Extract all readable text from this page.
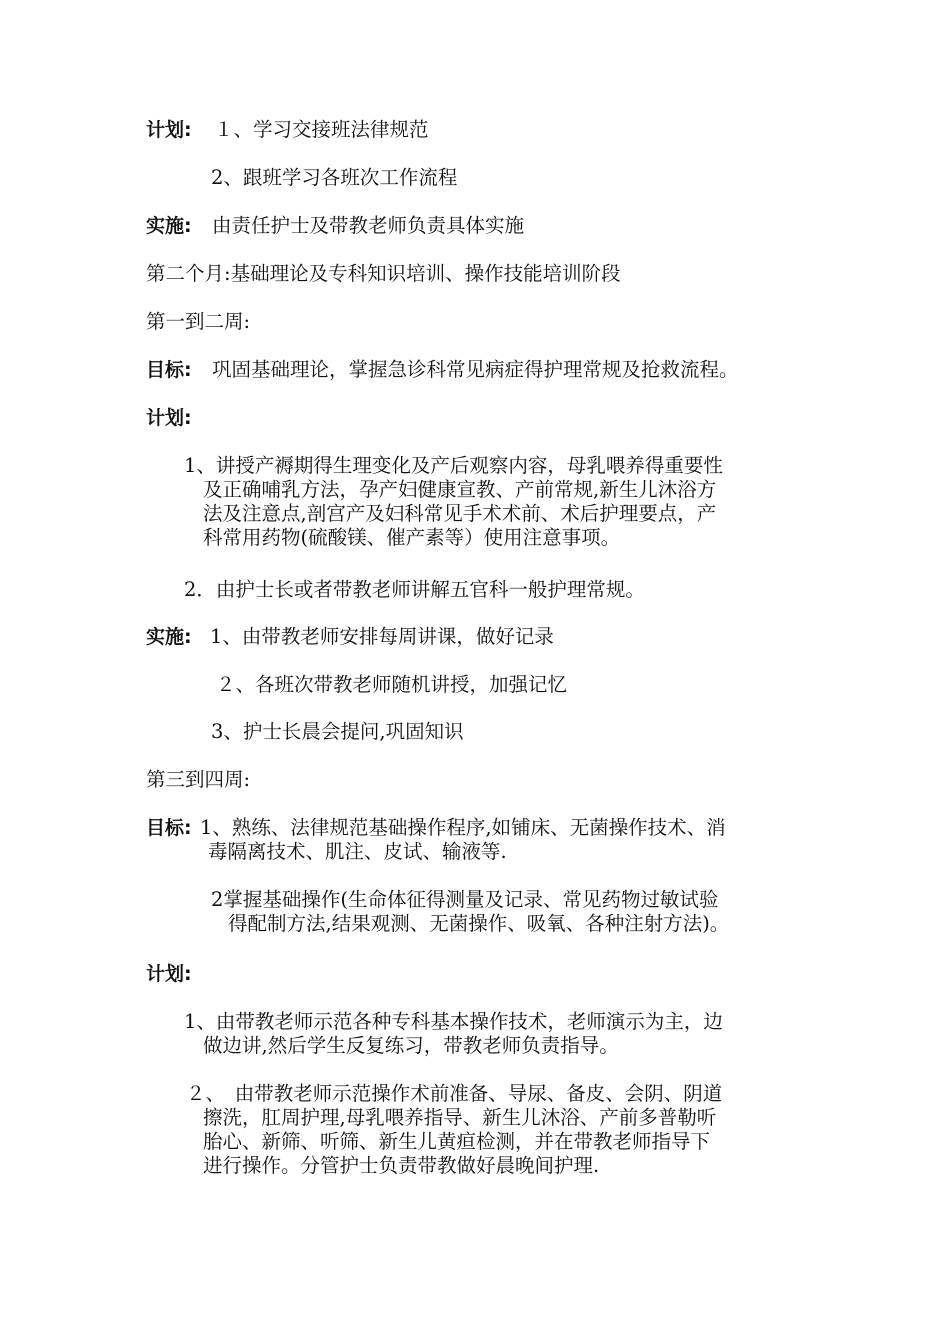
计划: １、学习交接班法律规范
2、跟班学习各班次工作流程
实施: 由责任护士及带教老师负责具体实施
第二个月:基础理论及专科知识培训、操作技能培训阶段
第一到二周:
目标: 巩固基础理论，掌握急诊科常见病症得护理常规及抢救流程。
计划:
1、讲授产褥期得生理变化及产后观察内容，母乳喂养得重要性
及正确哺乳方法，孕产妇健康宣教、产前常规,新生儿沐浴方
法及注意点,剖宫产及妇科常见手术术前、术后护理要点，产
科常用药物(硫酸镁、催产素等）使用注意事项。
2．由护士长或者带教老师讲解五官科一般护理常规。
实施: 1、由带教老师安排每周讲课，做好记录
２、各班次带教老师随机讲授，加强记忆
3、护士长晨会提问,巩固知识
第三到四周:
目标: 1、熟练、法律规范基础操作程序,如铺床、无菌操作技术、消
毒隔离技术、肌注、皮试、输液等.
2掌握基础操作(生命体征得测量及记录、常见药物过敏试验
得配制方法,结果观测、无菌操作、吸氧、各种注射方法)。
计划:
1、由带教老师示范各种专科基本操作技术，老师演示为主，边
做边讲,然后学生反复练习，带教老师负责指导。
２、　由带教老师示范操作术前准备、导尿、备皮、会阴、阴道
擦洗，肛周护理,母乳喂养指导、新生儿沐浴、产前多普勒听
胎心、新筛、听筛、新生儿黄疸检测，并在带教老师指导下
进行操作。分管护士负责带教做好晨晚间护理.
